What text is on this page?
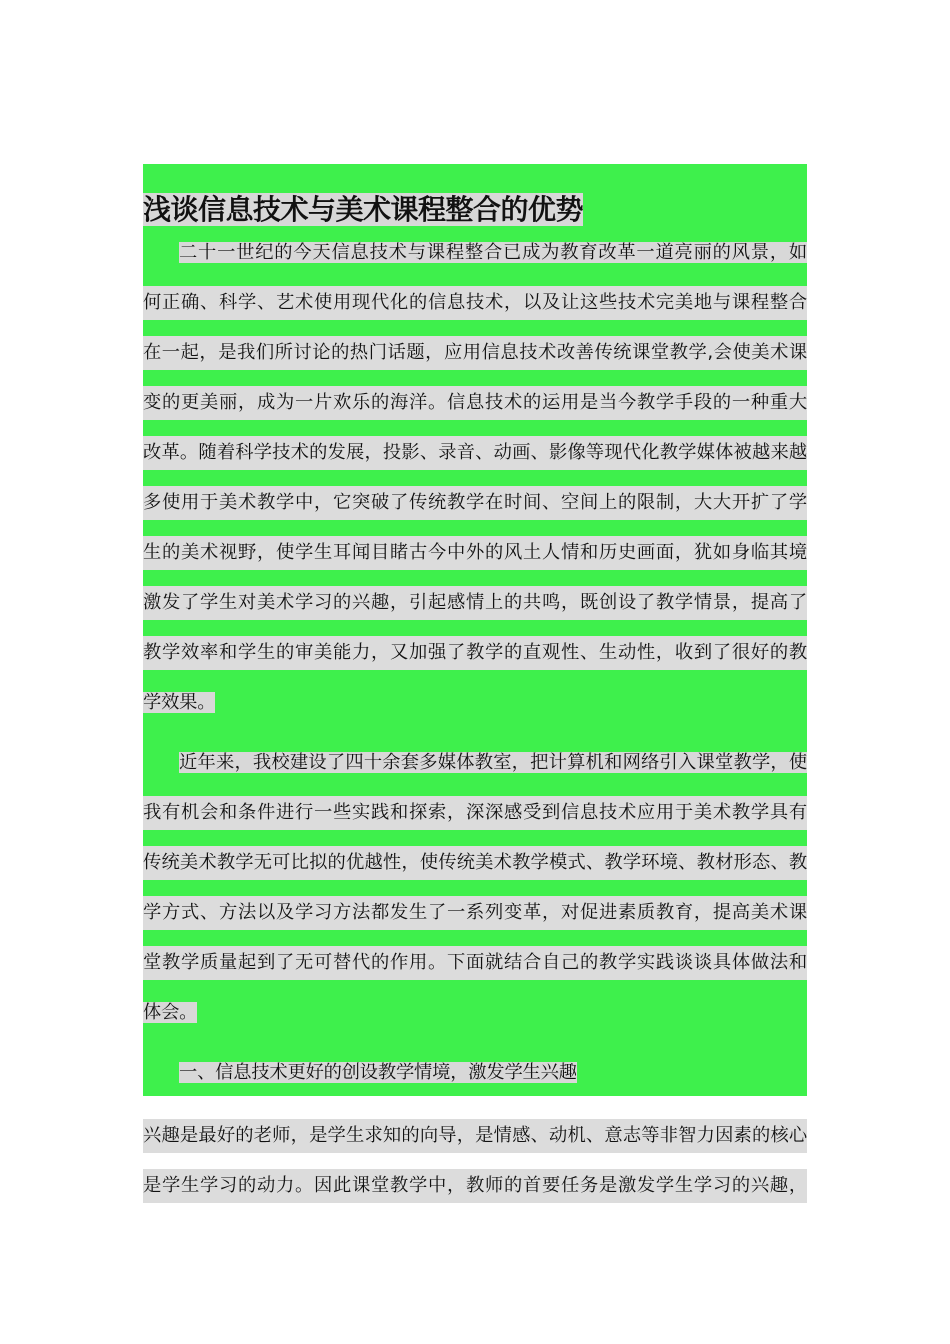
浅谈信息技术与美术课程整合的优势
二十一世纪的今天信息技术与课程整合已成为教育改革一道亮丽的风景，如
何正确、科学、艺术使用现代化的信息技术，以及让这些技术完美地与课程整合
在一起，是我们所讨论的热门话题，应用信息技术改善传统课堂教学,会使美术课
变的更美丽，成为一片欢乐的海洋。信息技术的运用是当今教学手段的一种重大
改革。随着科学技术的发展，投影、录音、动画、影像等现代化教学媒体被越来越
多使用于美术教学中，它突破了传统教学在时间、空间上的限制，大大开扩了学
生的美术视野，使学生耳闻目睹古今中外的风土人情和历史画面，犹如身临其境
激发了学生对美术学习的兴趣，引起感情上的共鸣，既创设了教学情景，提高了
教学效率和学生的审美能力，又加强了教学的直观性、生动性，收到了很好的教
学效果。
近年来，我校建设了四十余套多媒体教室，把计算机和网络引入课堂教学，使
我有机会和条件进行一些实践和探索，深深感受到信息技术应用于美术教学具有
传统美术教学无可比拟的优越性，使传统美术教学模式、教学环境、教材形态、教
学方式、方法以及学习方法都发生了一系列变革，对促进素质教育，提高美术课
堂教学质量起到了无可替代的作用。下面就结合自己的教学实践谈谈具体做法和
体会。
一、信息技术更好的创设教学情境，激发学生兴趣
兴趣是最好的老师，是学生求知的向导，是情感、动机、意志等非智力因素的核心
是学生学习的动力。因此课堂教学中，教师的首要任务是激发学生学习的兴趣，
